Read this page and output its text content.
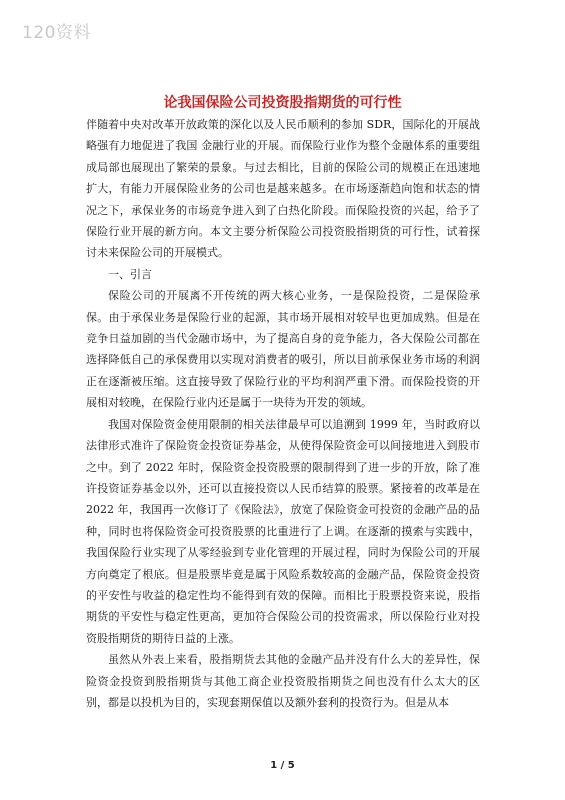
120资料
论我国保险公司投资股指期货的可行性

伴随着中央对改革开放政策的深化以及人民币顺利的参加 SDR，国际化的开展战略强有力地促进了我国 金融行业的开展。而保险行业作为整个金融体系的重要组成局部也展现出了繁荣的景象。与过去相比，目前的保险公司的规模正在迅速地扩大，有能力开展保险业务的公司也是越来越多。在市场逐渐趋向饱和状态的情况之下，承保业务的市场竞争进入到了白热化阶段。而保险投资的兴起，给予了保险行业开展的新方向。本文主要分析保险公司投资股指期货的可行性，试着探讨未来保险公司的开展模式。

一、引言

保险公司的开展离不开传统的两大核心业务，一是保险投资，二是保险承保。由于承保业务是保险行业的起源，其市场开展相对较早也更加成熟。但是在竞争日益加剧的当代金融市场中，为了提高自身的竞争能力，各大保险公司都在选择降低自己的承保费用以实现对消费者的吸引，所以目前承保业务市场的利润正在逐渐被压缩。这直接导致了保险行业的平均利润严重下滑。而保险投资的开展相对较晚，在保险行业内还是属于一块待为开发的领域。

我国对保险资金使用限制的相关法律最早可以追溯到 1999 年，当时政府以法律形式准许了保险资金投资证券基金，从使得保险资金可以间接地进入到股市之中。到了 2022 年时，保险资金投资股票的限制得到了进一步的开放，除了准许投资证券基金以外，还可以直接投资以人民币结算的股票。紧接着的改革是在 2022 年，我国再一次修订了《保险法》，放宽了保险资金可投资的金融产品的品种，同时也将保险资金可投资股票的比重进行了上调。在逐渐的摸索与实践中，我国保险行业实现了从零经验到专业化管理的开展过程，同时为保险公司的开展方向奠定了根底。但是股票毕竟是属于风险系数较高的金融产品，保险资金投资的平安性与收益的稳定性均不能得到有效的保障。而相比于股票投资来说，股指期货的平安性与稳定性更高，更加符合保险公司的投资需求，所以保险行业对投资股指期货的期待日益的上涨。

虽然从外表上来看，股指期货去其他的金融产品并没有什么大的差异性，保险资金投资到股指期货与其他工商企业投资股指期货之间也没有什么太大的区别，都是以投机为目的，实现套期保值以及额外套利的投资行为。但是从本

1 / 5
